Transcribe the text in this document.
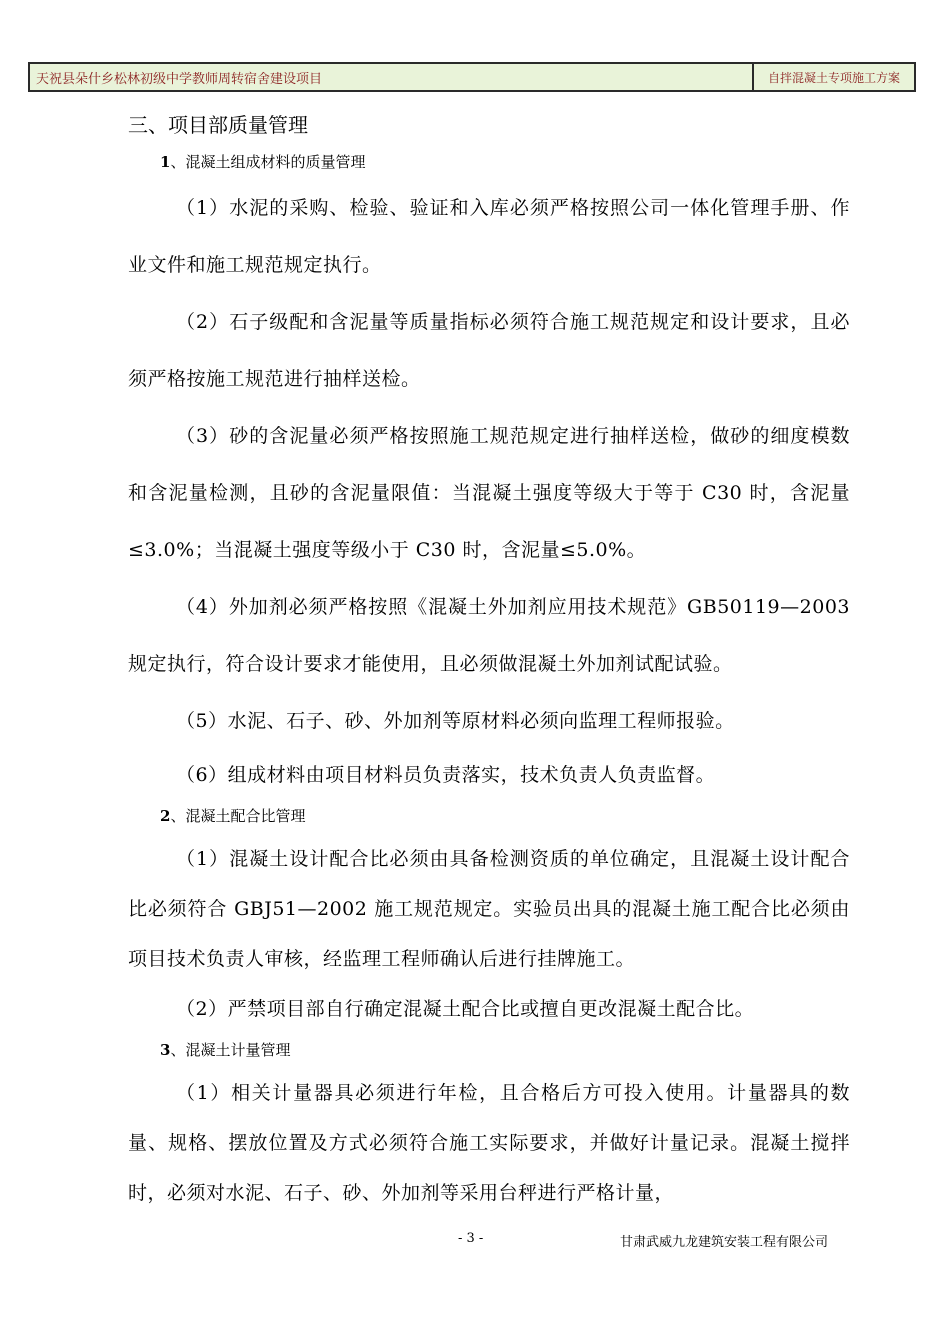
天祝县朵什乡松林初级中学教师周转宿舍建设项目	自拌混凝土专项施工方案
三、项目部质量管理
1、混凝土组成材料的质量管理

（1）水泥的采购、检验、验证和入库必须严格按照公司一体化管理手册、作业文件和施工规范规定执行。

（2）石子级配和含泥量等质量指标必须符合施工规范规定和设计要求，且必须严格按施工规范进行抽样送检。

（3）砂的含泥量必须严格按照施工规范规定进行抽样送检，做砂的细度模数和含泥量检测，且砂的含泥量限值：当混凝土强度等级大于等于 C30 时，含泥量≤3.0%；当混凝土强度等级小于 C30 时，含泥量≤5.0%。

（4）外加剂必须严格按照《混凝土外加剂应用技术规范》GB50119—2003 规定执行，符合设计要求才能使用，且必须做混凝土外加剂试配试验。

（5）水泥、石子、砂、外加剂等原材料必须向监理工程师报验。

（6）组成材料由项目材料员负责落实，技术负责人负责监督。

2、混凝土配合比管理

（1）混凝土设计配合比必须由具备检测资质的单位确定，且混凝土设计配合比必须符合 GBJ51—2002 施工规范规定。实验员出具的混凝土施工配合比必须由项目技术负责人审核，经监理工程师确认后进行挂牌施工。

（2）严禁项目部自行确定混凝土配合比或擅自更改混凝土配合比。

3、混凝土计量管理

（1）相关计量器具必须进行年检，且合格后方可投入使用。计量器具的数量、规格、摆放位置及方式必须符合施工实际要求，并做好计量记录。混凝土搅拌时，必须对水泥、石子、砂、外加剂等采用台秤进行严格计量，

- 3 -	甘肃武威九龙建筑安装工程有限公司
